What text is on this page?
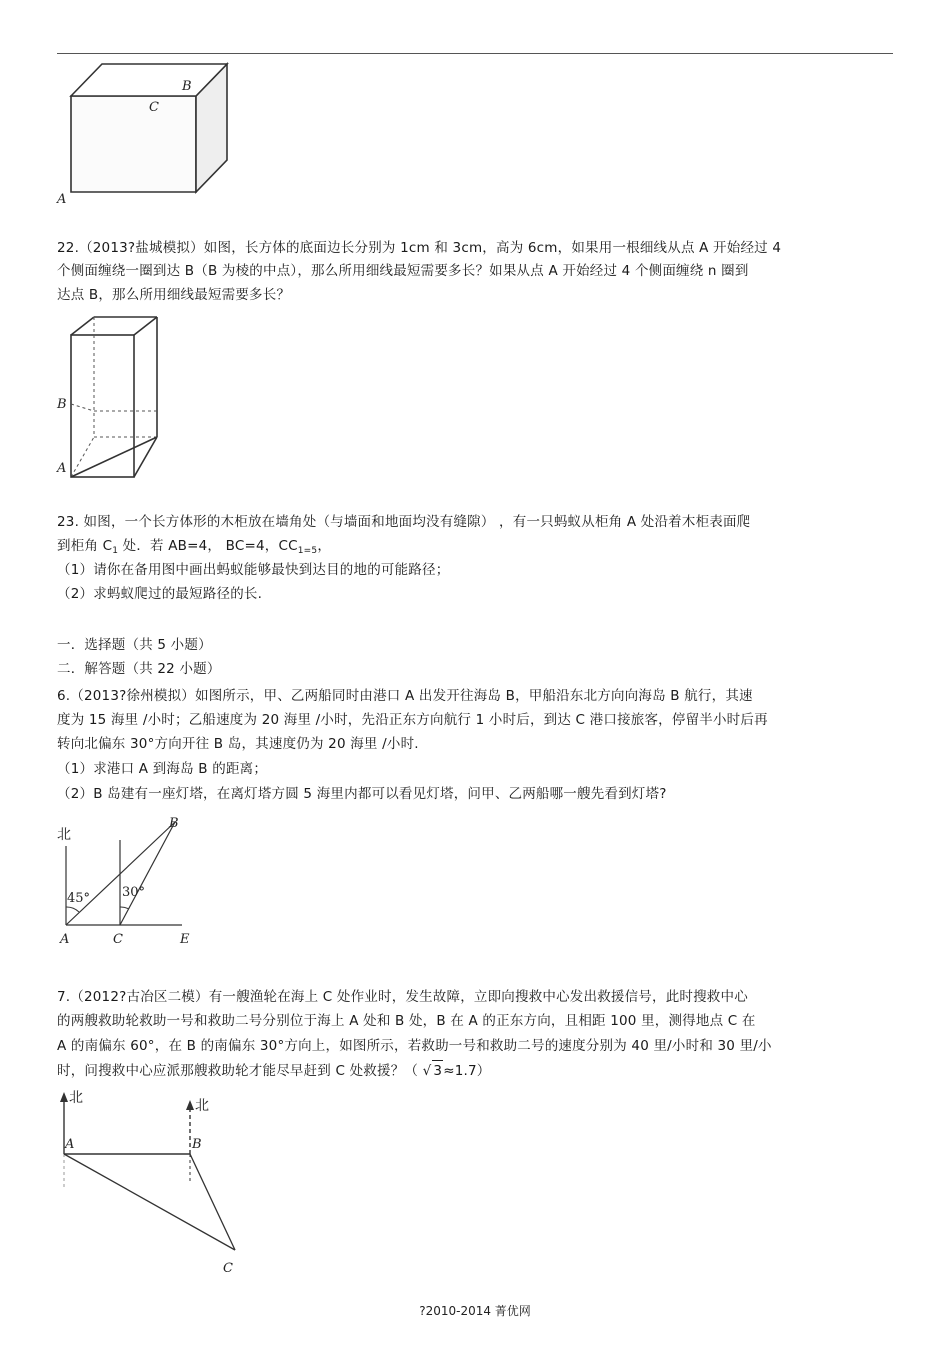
B
C
A
22.（2013?盐城模拟）如图，长方体的底面边长分别为 1cm 和 3cm，高为 6cm，如果用一根细线从点 A 开始经过 4
个侧面缠绕一圈到达 B（B 为棱的中点），那么所用细线最短需要多长？如果从点 A 开始经过 4 个侧面缠绕 n 圈到
达点 B，那么所用细线最短需要多长？
B
A
23. 如图，一个长方体形的木柜放在墙角处（与墙面和地面均没有缝隙） ，有一只蚂蚁从柜角 A 处沿着木柜表面爬
到柜角 $C_1$ 处．若 AB=4， BC=4，$CC_{1=5}$，
（1）请你在备用图中画出蚂蚁能够最快到达目的地的可能路径；
（2）求蚂蚁爬过的最短路径的长.
一．选择题（共 5 小题）
二．解答题（共 22 小题）
6.（2013?徐州模拟）如图所示，甲、乙两船同时由港口 A 出发开往海岛 B，甲船沿东北方向向海岛 B 航行，其速
度为 15 海里 /小时；乙船速度为 20 海里 /小时，先沿正东方向航行 1 小时后，到达 C 港口接旅客，停留半小时后再
转向北偏东 30°方向开往 B 岛，其速度仍为 20 海里 /小时.
（1）求港口 A 到海岛 B 的距离；
（2）B 岛建有一座灯塔，在离灯塔方圆 5 海里内都可以看见灯塔，问甲、乙两船哪一艘先看到灯塔?
北
45° 30°
A	C	E
B
7.（2012?古冶区二模）有一艘渔轮在海上 C 处作业时，发生故障，立即向搜救中心发出救援信号，此时搜救中心
的两艘救助轮救助一号和救助二号分别位于海上 A 处和 B 处，B 在 A 的正东方向，且相距 100 里，测得地点 C 在
A 的南偏东 60°，在 B 的南偏东 30°方向上，如图所示，若救助一号和救助二号的速度分别为 40 里/小时和 30 里/小
时，问搜救中心应派那艘救助轮才能尽早赶到 C 处救援？（ √ 3≈1.7）
北	北
A	B
C
?2010-2014 菁优网
